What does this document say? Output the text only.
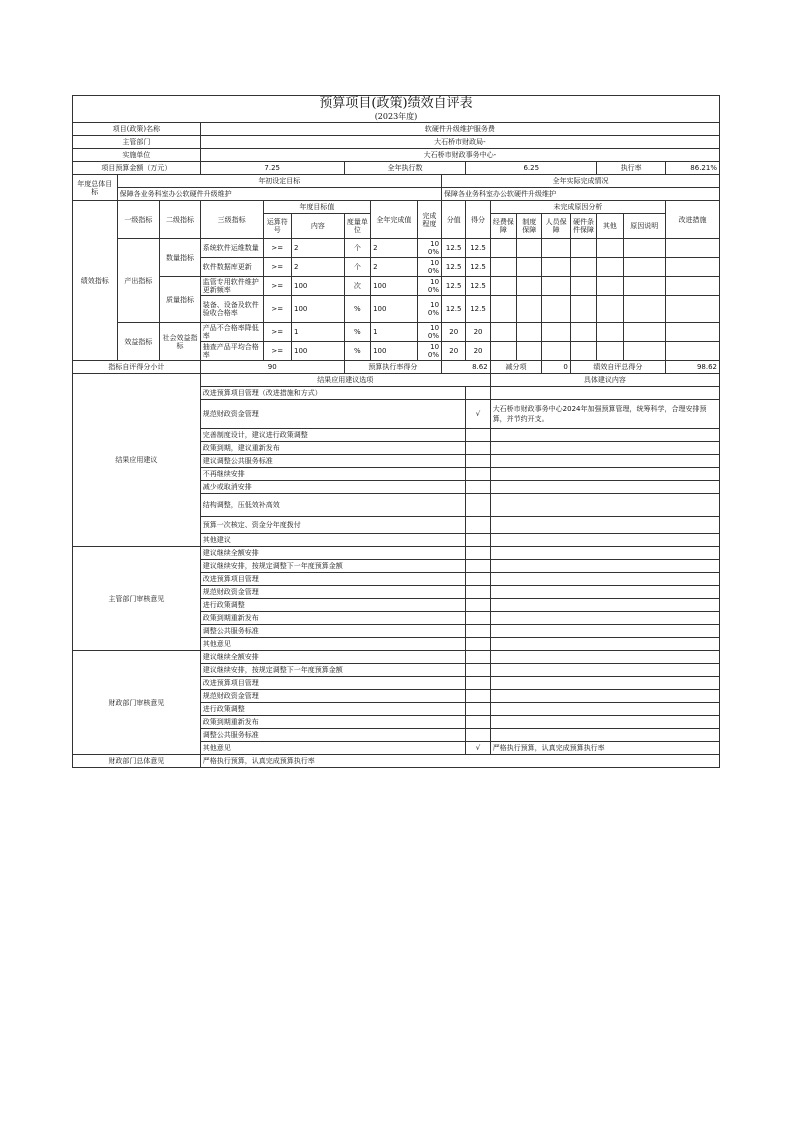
预算项目(政策)绩效自评表
(2023年度)																	

项目(政策)名称			软硬件升级维护服务费														
主管部门			大石桥市财政局-														
实施单位			大石桥市财政事务中心-														
项目预算金额（万元）			7.25			全年执行数				6.25					执行率		86.21%
年度总体目标	年初设定目标								全年实际完成情况								
	保障各业务科室办公软硬件升级维护								保障各业务科室办公软硬件升级维护								
绩效指标	一级指标	二级指标	三级指标	年度目标值			全年完成值	完成程度	分值	得分	未完成原因分析						改进措施
				运算符号	内容	度量单位					经费保障	制度保障	人员保障	硬件条件保障	其他	原因说明	
	产出指标	数量指标	系统软件运维数量	>=	2	个	2	100%	12.5	12.5							
			软件数据库更新	>=	2	个	2	100%	12.5	12.5							
		质量指标	监管专用软件维护更新频率	>=	100	次	100	100%	12.5	12.5							
			装备、设备及软件验收合格率	>=	100	%	100	100%	12.5	12.5							
	效益指标	社会效益指标	产品不合格率降低率	>=	1	%	1	100%	20	20							
			抽查产品平均合格率	>=	100	%	100	100%	20	20							
指标自评得分小计			90			预算执行率得分			8.62		减分项		0	绩效自评总得分			98.62
结果应用建议			结果应用建议选项								具体建议内容						
			改进预算项目管理（改进措施和方式）														
			规范财政资金管理							√	大石桥市财政事务中心2024年加强预算管理，统筹科学，合理安排预算，并节约开支。						
			完善制度设计，建议进行政策调整														
			政策到期，建议重新发布														
			建议调整公共服务标准														
			不再继续安排														
			减少或取消安排														
			结构调整，压低效补高效														
			预算一次核定、资金分年度拨付														
			其他建议														
主管部门审核意见			建议继续全额安排														
			建议继续安排，按规定调整下一年度预算金额														
			改进预算项目管理														
			规范财政资金管理														
			进行政策调整														
			政策到期重新发布														
			调整公共服务标准														
			其他意见														
财政部门审核意见			建议继续全额安排														
			建议继续安排，按规定调整下一年度预算金额														
			改进预算项目管理														
			规范财政资金管理														
			进行政策调整														
			政策到期重新发布														
			调整公共服务标准														
			其他意见							√	严格执行预算，认真完成预算执行率						
财政部门总体意见			严格执行预算，认真完成预算执行率														
